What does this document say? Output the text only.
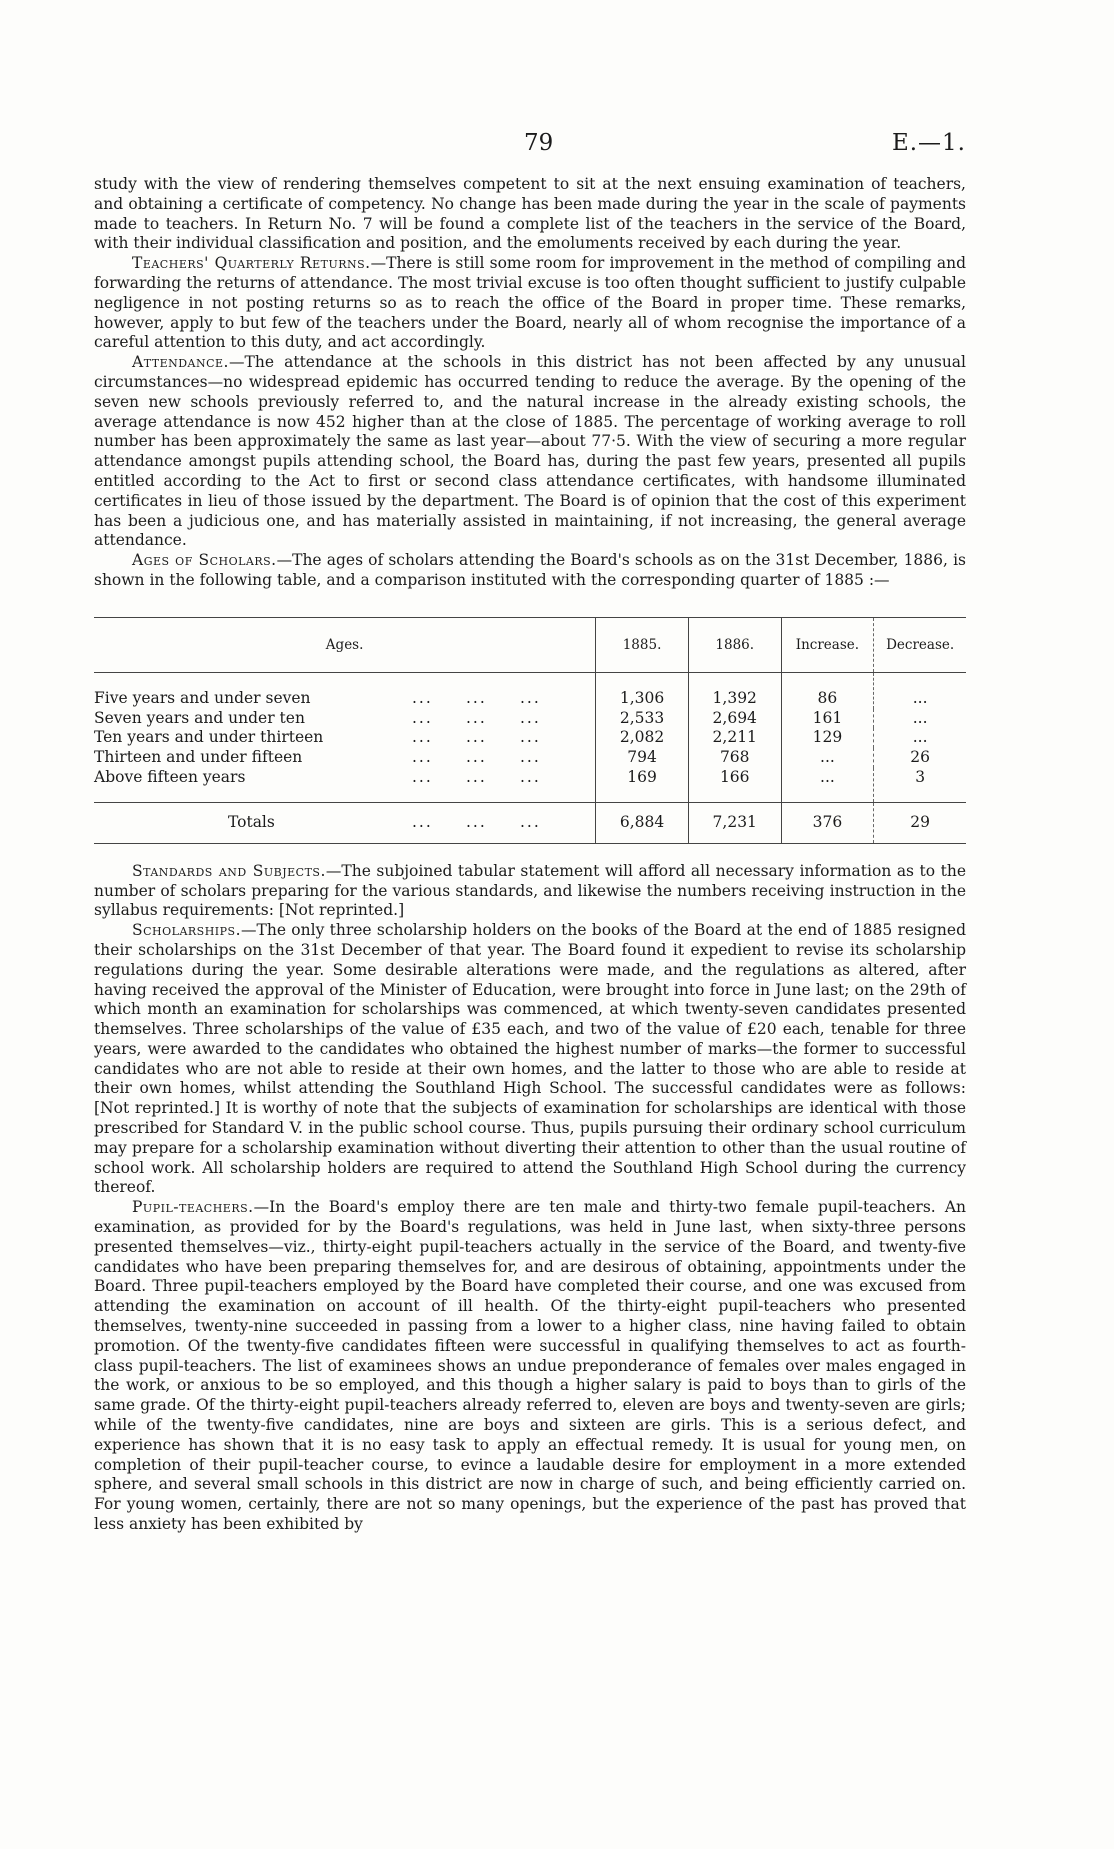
79	E.—1.

study with the view of rendering themselves competent to sit at the next ensuing examination of teachers, and obtaining a certificate of competency. No change has been made during the year in the scale of payments made to teachers. In Return No. 7 will be found a complete list of the teachers in the service of the Board, with their individual classification and position, and the emoluments received by each during the year.

Teachers' Quarterly Returns.—There is still some room for improvement in the method of compiling and forwarding the returns of attendance. The most trivial excuse is too often thought sufficient to justify culpable negligence in not posting returns so as to reach the office of the Board in proper time. These remarks, however, apply to but few of the teachers under the Board, nearly all of whom recognise the importance of a careful attention to this duty, and act accordingly.

Attendance.—The attendance at the schools in this district has not been affected by any unusual circumstances—no widespread epidemic has occurred tending to reduce the average. By the opening of the seven new schools previously referred to, and the natural increase in the already existing schools, the average attendance is now 452 higher than at the close of 1885. The percentage of working average to roll number has been approximately the same as last year—about 77·5. With the view of securing a more regular attendance amongst pupils attending school, the Board has, during the past few years, presented all pupils entitled according to the Act to first or second class attendance certificates, with handsome illuminated certificates in lieu of those issued by the department. The Board is of opinion that the cost of this experiment has been a judicious one, and has materially assisted in maintaining, if not increasing, the general average attendance.

Ages of Scholars.—The ages of scholars attending the Board's schools as on the 31st December, 1886, is shown in the following table, and a comparison instituted with the corresponding quarter of 1885 :—

Ages.	1885.	1886.	Increase.	Decrease.
Five years and under seven ... ... ...	1,306	1,392	86	...
Seven years and under ten ... ... ...	2,533	2,694	161	...
Ten years and under thirteen ... ... ...	2,082	2,211	129	...
Thirteen and under fifteen ... ... ...	794	768	...	26
Above fifteen years ... ... ...	169	166	...	3
Totals ... ... ...	6,884	7,231	376	29

Standards and Subjects.—The subjoined tabular statement will afford all necessary information as to the number of scholars preparing for the various standards, and likewise the numbers receiving instruction in the syllabus requirements: [Not reprinted.]

Scholarships.—The only three scholarship holders on the books of the Board at the end of 1885 resigned their scholarships on the 31st December of that year. The Board found it expedient to revise its scholarship regulations during the year. Some desirable alterations were made, and the regulations as altered, after having received the approval of the Minister of Education, were brought into force in June last; on the 29th of which month an examination for scholarships was commenced, at which twenty-seven candidates presented themselves. Three scholarships of the value of £35 each, and two of the value of £20 each, tenable for three years, were awarded to the candidates who obtained the highest number of marks—the former to successful candidates who are not able to reside at their own homes, and the latter to those who are able to reside at their own homes, whilst attending the Southland High School. The successful candidates were as follows: [Not reprinted.] It is worthy of note that the subjects of examination for scholarships are identical with those prescribed for Standard V. in the public school course. Thus, pupils pursuing their ordinary school curriculum may prepare for a scholarship examination without diverting their attention to other than the usual routine of school work. All scholarship holders are required to attend the Southland High School during the currency thereof.

Pupil-teachers.—In the Board's employ there are ten male and thirty-two female pupil-teachers. An examination, as provided for by the Board's regulations, was held in June last, when sixty-three persons presented themselves—viz., thirty-eight pupil-teachers actually in the service of the Board, and twenty-five candidates who have been preparing themselves for, and are desirous of obtaining, appointments under the Board. Three pupil-teachers employed by the Board have completed their course, and one was excused from attending the examination on account of ill health. Of the thirty-eight pupil-teachers who presented themselves, twenty-nine succeeded in passing from a lower to a higher class, nine having failed to obtain promotion. Of the twenty-five candidates fifteen were successful in qualifying themselves to act as fourth-class pupil-teachers. The list of examinees shows an undue preponderance of females over males engaged in the work, or anxious to be so employed, and this though a higher salary is paid to boys than to girls of the same grade. Of the thirty-eight pupil-teachers already referred to, eleven are boys and twenty-seven are girls; while of the twenty-five candidates, nine are boys and sixteen are girls. This is a serious defect, and experience has shown that it is no easy task to apply an effectual remedy. It is usual for young men, on completion of their pupil-teacher course, to evince a laudable desire for employment in a more extended sphere, and several small schools in this district are now in charge of such, and being efficiently carried on. For young women, certainly, there are not so many openings, but the experience of the past has proved that less anxiety has been exhibited by
